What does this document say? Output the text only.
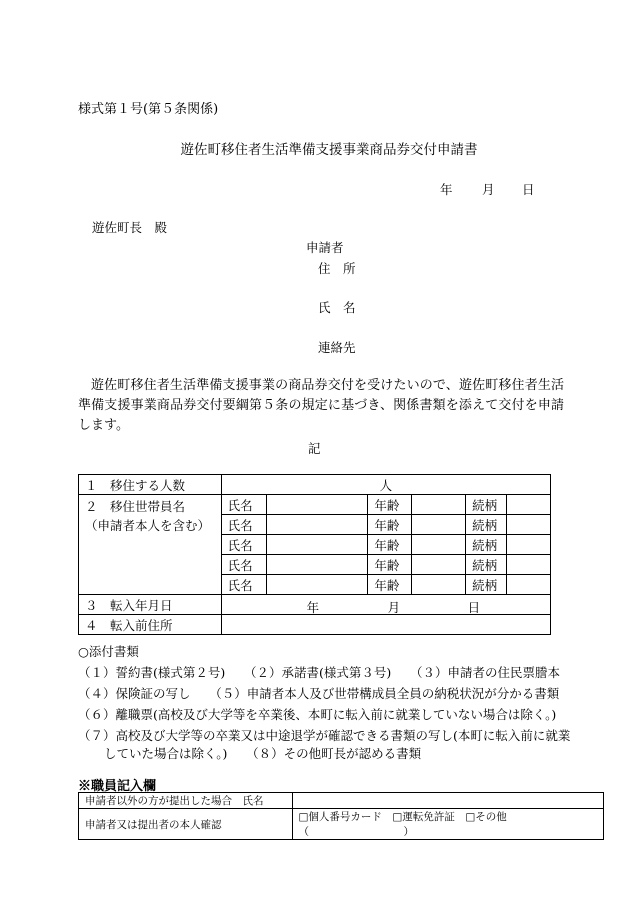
様式第１号(第５条関係)
遊佐町移住者生活準備支援事業商品券交付申請書
年 月 日
遊佐町長　殿
申請者
住　所
氏　名
連絡先
遊佐町移住者生活準備支援事業の商品券交付を受けたいので、遊佐町移住者生活準備支援事業商品券交付要綱第５条の規定に基づき、関係書類を添えて交付を申請します。
記
１　移住する人数	人					

２　移住世帯員名
（申請者本人を含む）	氏名		年齢		続柄	
	氏名		年齢		続柄	
	氏名		年齢		続柄	
	氏名		年齢		続柄	
	氏名		年齢		続柄	
３　転入年月日	年 月 日					

４　転入前住所						
○添付書類
（１）誓約書(様式第２号)　　（２）承諾書(様式第３号)　　（３）申請者の住民票謄本
（４）保険証の写し　　（５）申請者本人及び世帯構成員全員の納税状況が分かる書類
（６）離職票(高校及び大学等を卒業後、本町に転入前に就業していない場合は除く。)
（７）高校及び大学等の卒業又は中途退学が確認できる書類の写し(本町に転入前に就業
していた場合は除く。)　　（８）その他町長が認める書類
※職員記入欄
申請者以外の方が提出した場合　氏名	
申請者又は提出者の本人確認	□個人番号カード　□運転免許証　□その他（　　　　　　　　　）
